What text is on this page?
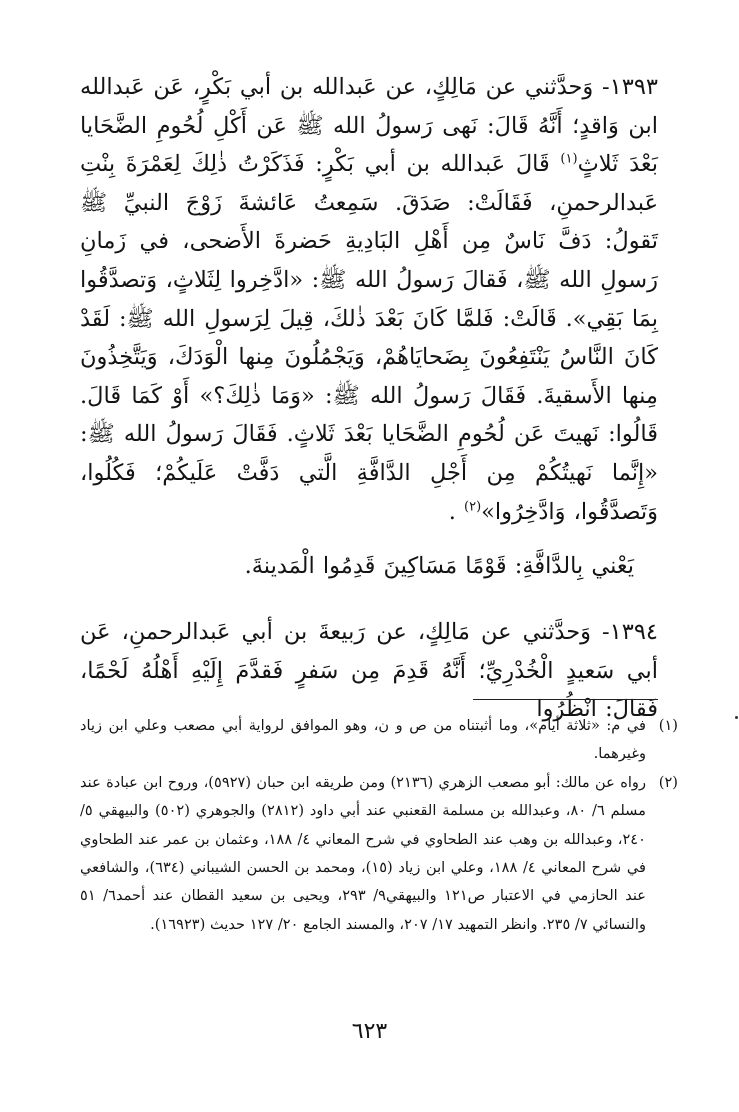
١٣٩٣- وَحدَّثني عن مَالِكٍ، عن عَبدالله بن أبي بَكْرٍ، عَن عَبدالله ابن وَاقدٍ؛ أَنَّهُ قَالَ: نَهى رَسولُ الله ﷺ عَن أَكْلِ لُحُومِ الضَّحَايا بَعْدَ ثَلاثٍ$^{(١)}$ قَالَ عَبدالله بن أبي بَكْرٍ: فَذَكَرْتُ ذٰلِكَ لِعَمْرَةَ بِنْتِ عَبدالرحمنِ، فَقَالَتْ: صَدَقَ. سَمِعتُ عَائشةَ زَوْجَ النبيِّ ﷺ تَقولُ: دَفَّ نَاسٌ مِن أَهْلِ البَادِيةِ حَضرةَ الأَضحى، في زَمانِ رَسولِ الله ﷺ، فَقالَ رَسولُ الله ﷺ: «ادَّخِروا لِثَلاثٍ، وَتصدَّقُوا بِمَا بَقِي». قَالَتْ: فَلمَّا كَانَ بَعْدَ ذٰلكَ، قِيلَ لِرَسولِ الله ﷺ: لَقَدْ كَانَ النَّاسُ يَنْتَفِعُونَ بِضَحايَاهُمْ، وَيَجْمُلُونَ مِنها الْوَدَكَ، وَيَتَّخِذُونَ مِنها الأَسقيةَ. فَقَالَ رَسولُ الله ﷺ: «وَمَا ذٰلِكَ؟» أَوْ كَمَا قَالَ. قَالُوا: نَهيتَ عَن لُحُومِ الضَّحَايا بَعْدَ ثَلاثٍ. فَقَالَ رَسولُ الله ﷺ: «إِنَّما نَهيتُكُمْ مِن أَجْلِ الدَّافَّةِ الَّتي دَفَّتْ عَلَيكُمْ؛ فَكُلُوا، وَتَصدَّقُوا، وَادَّخِرُوا»$^{(٢)}$ .

يَعْني بِالدَّافَّةِ: قَوْمًا مَسَاكِينَ قَدِمُوا الْمَدينةَ.

١٣٩٤- وَحدَّثني عن مَالِكٍ، عن رَبيعةَ بن أبي عَبدالرحمنِ، عَن أبي سَعيدٍ الْخُدْرِيِّ؛ أَنَّهُ قَدِمَ مِن سَفرٍ فَقدَّمَ إِلَيْهِ أَهْلُهُ لَحْمًا، فَقالَ: انْظُرُوا

(١)
في م: «ثلاثة أيام»، وما أثبتناه من ص و ن، وهو الموافق لرواية أبي مصعب وعلي ابن زياد وغيرهما.
(٢)
رواه عن مالك: أبو مصعب الزهري (٢١٣٦) ومن طريقه ابن حبان (٥٩٢٧)، وروح ابن عبادة عند مسلم ٦/ ٨٠، وعبدالله بن مسلمة القعنبي عند أبي داود (٢٨١٢) والجوهري (٥٠٢) والبيهقي ٥/ ٢٤٠، وعبدالله بن وهب عند الطحاوي في شرح المعاني ٤/ ١٨٨، وعثمان بن عمر عند الطحاوي في شرح المعاني ٤/ ١٨٨، وعلي ابن زياد (١٥)، ومحمد بن الحسن الشيباني (٦٣٤)، والشافعي عند الحازمي في الاعتبار ص١٢١ والبيهقي٩/ ٢٩٣، ويحيى بن سعيد القطان عند أحمد٦/ ٥١ والنسائي ٧/ ٢٣٥. وانظر التمهيد ١٧/ ٢٠٧، والمسند الجامع ٢٠/ ١٢٧ حديث (١٦٩٢٣).
٦٢٣
